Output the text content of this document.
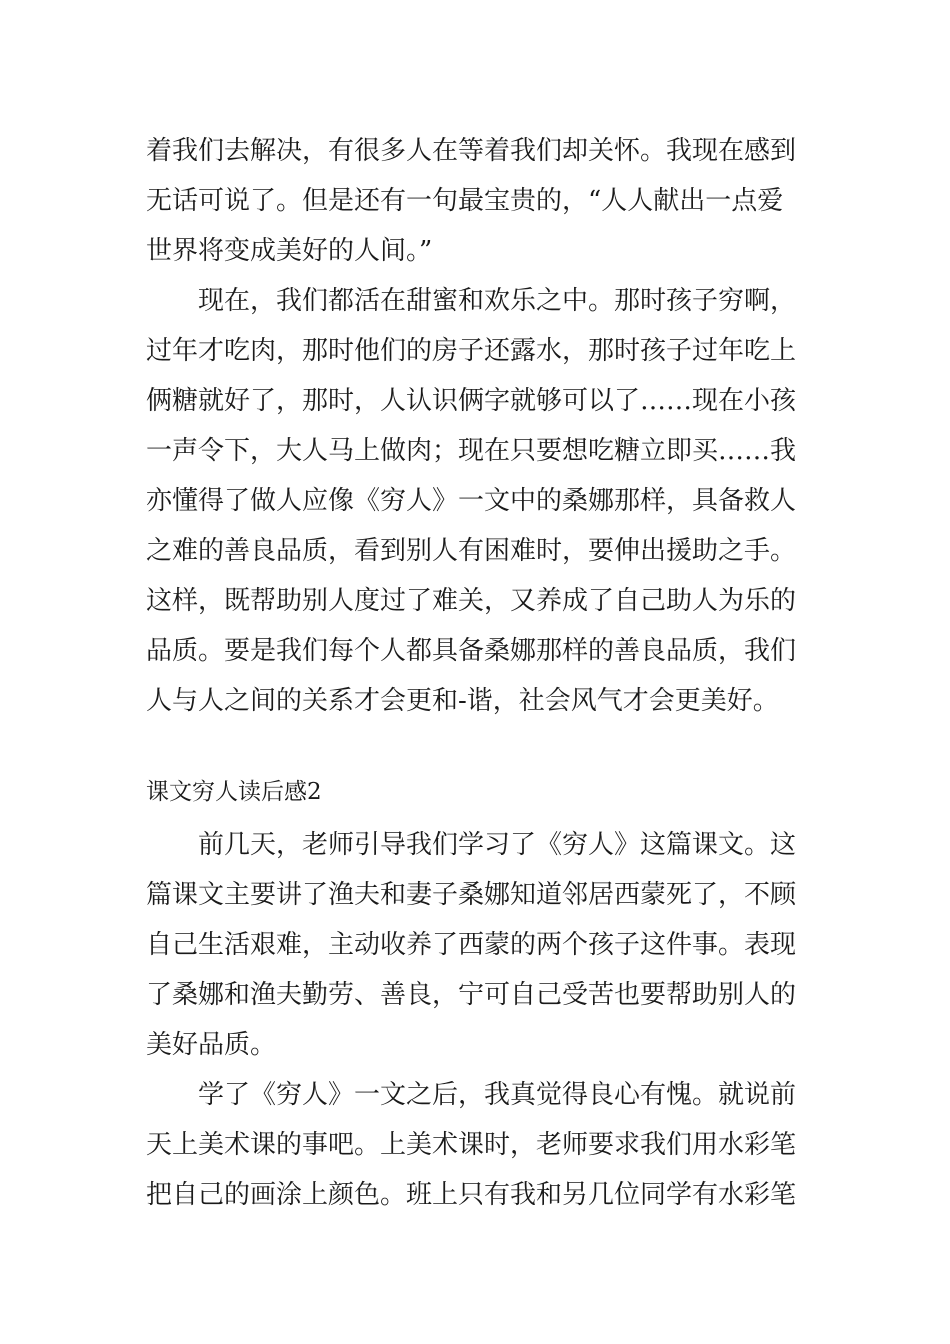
着我们去解决，有很多人在等着我们却关怀。我现在感到
无话可说了。但是还有一句最宝贵的，“人人献出一点爱
世界将变成美好的人间。”
现在，我们都活在甜蜜和欢乐之中。那时孩子穷啊，
过年才吃肉，那时他们的房子还露水，那时孩子过年吃上
俩糖就好了，那时，人认识俩字就够可以了……现在小孩
一声令下，大人马上做肉；现在只要想吃糖立即买……我
亦懂得了做人应像《穷人》一文中的桑娜那样，具备救人
之难的善良品质，看到别人有困难时，要伸出援助之手。
这样，既帮助别人度过了难关，又养成了自己助人为乐的
品质。要是我们每个人都具备桑娜那样的善良品质，我们
人与人之间的关系才会更和-谐，社会风气才会更美好。
课文穷人读后感2
前几天，老师引导我们学习了《穷人》这篇课文。这
篇课文主要讲了渔夫和妻子桑娜知道邻居西蒙死了，不顾
自己生活艰难，主动收养了西蒙的两个孩子这件事。表现
了桑娜和渔夫勤劳、善良，宁可自己受苦也要帮助别人的
美好品质。
学了《穷人》一文之后，我真觉得良心有愧。就说前
天上美术课的事吧。上美术课时，老师要求我们用水彩笔
把自己的画涂上颜色。班上只有我和另几位同学有水彩笔
